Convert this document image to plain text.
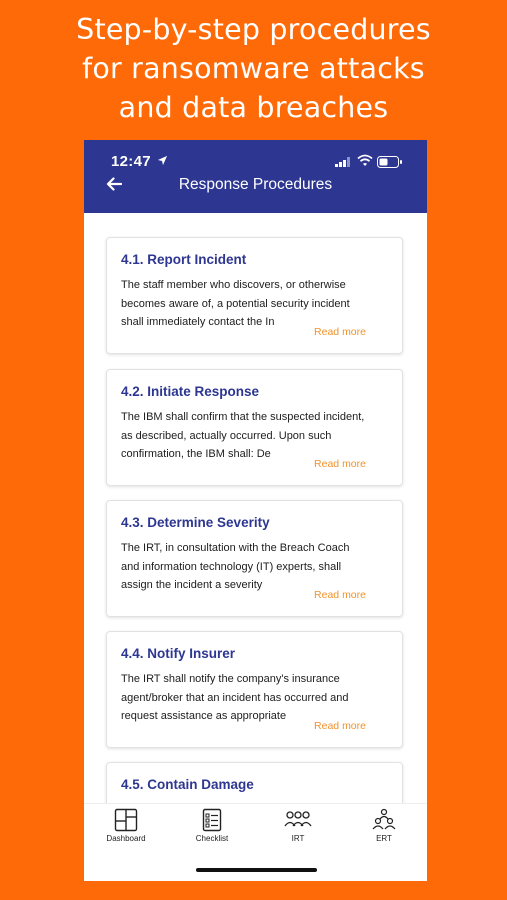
Step-by-step procedures
for ransomware attacks
and data breaches
12:47
Response Procedures
4.1. Report Incident
The staff member who discovers, or otherwise
becomes aware of, a potential security incident
shall immediately contact the In
Read more
4.2. Initiate Response
The IBM shall confirm that the suspected incident,
as described, actually occurred. Upon such
confirmation, the IBM shall: De
Read more
4.3. Determine Severity
The IRT, in consultation with the Breach Coach
and information technology (IT) experts, shall
assign the incident a severity
Read more
4.4. Notify Insurer
The IRT shall notify the company's insurance
agent/broker that an incident has occurred and
request assistance as appropriate
Read more
4.5. Contain Damage
Dashboard	Checklist	IRT	ERT
